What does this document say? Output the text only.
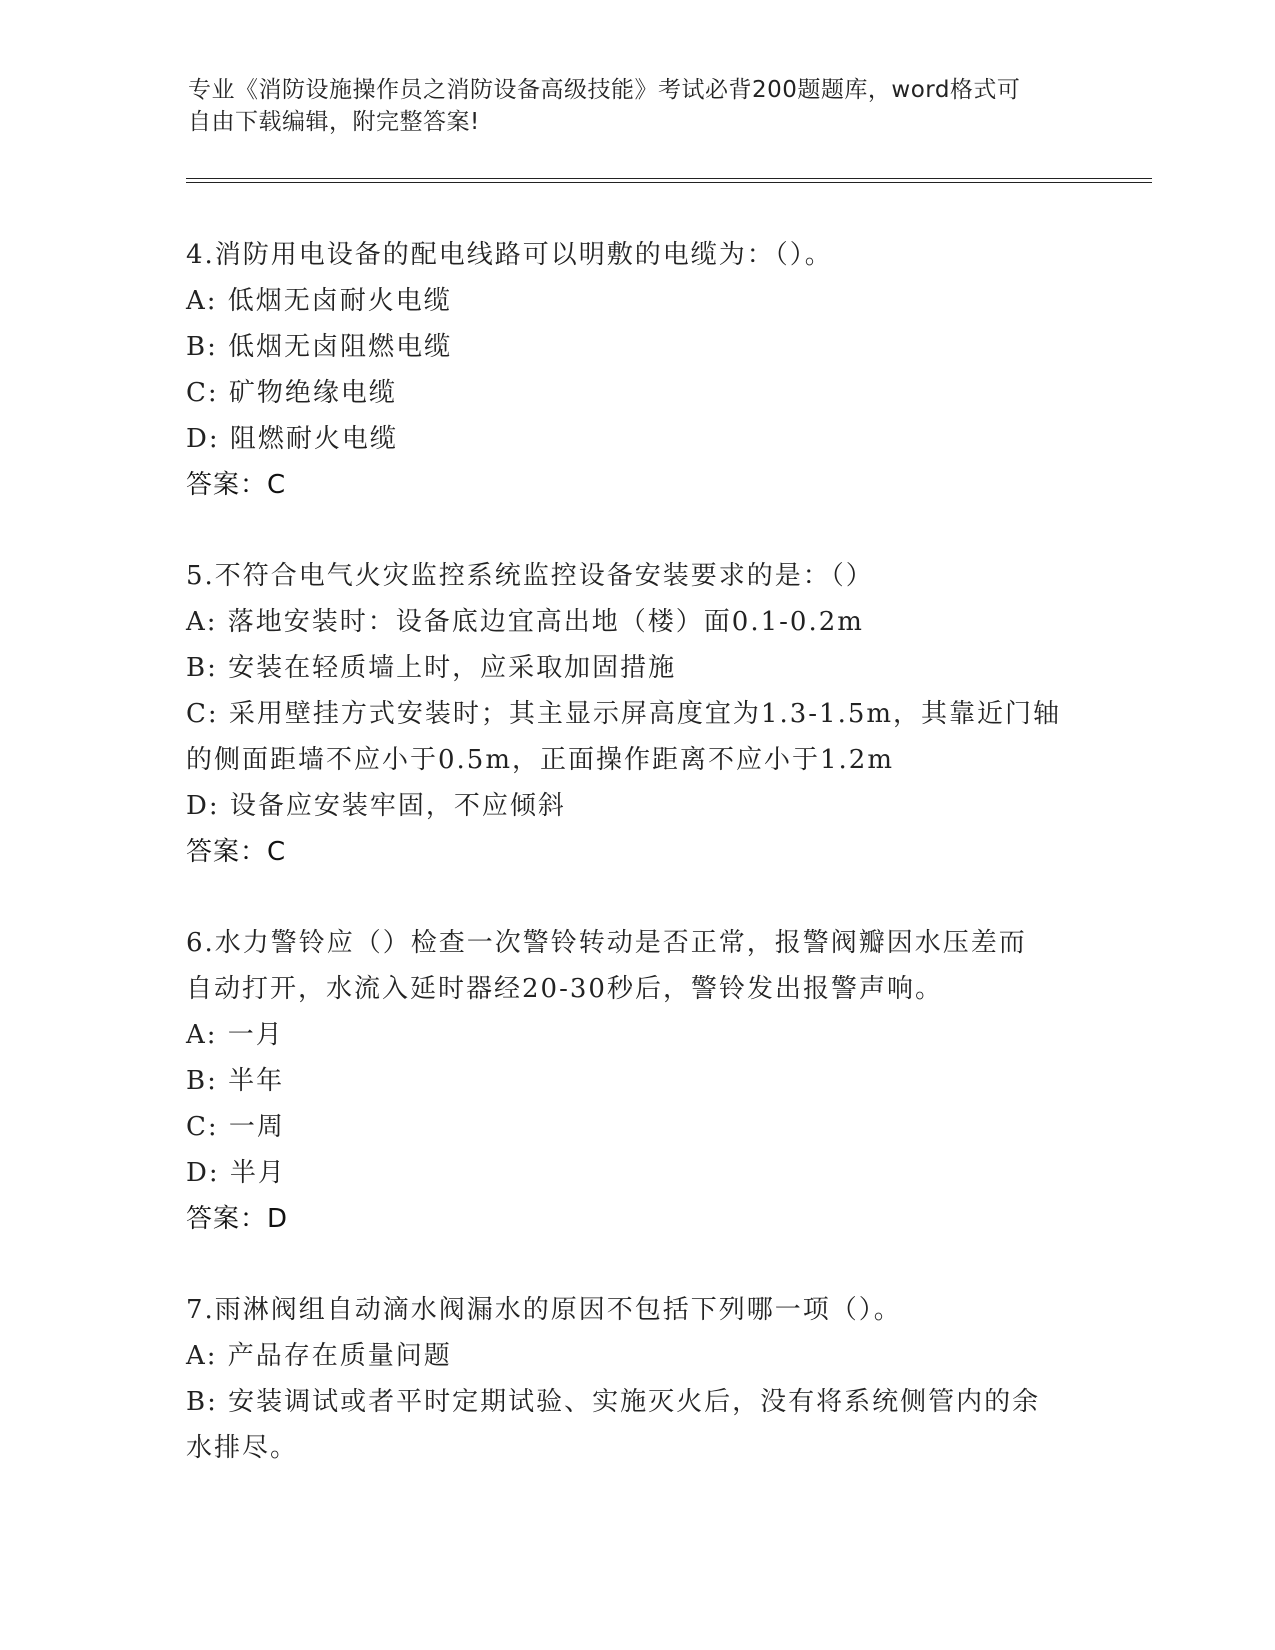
专业《消防设施操作员之消防设备高级技能》考试必背200题题库，word格式可
自由下载编辑，附完整答案!
4.消防用电设备的配电线路可以明敷的电缆为：（）。
A: 低烟无卤耐火电缆
B: 低烟无卤阻燃电缆
C: 矿物绝缘电缆
D: 阻燃耐火电缆
答案：C
5.不符合电气火灾监控系统监控设备安装要求的是：（）
A: 落地安装时：设备底边宜高出地（楼）面0.1-0.2m
B: 安装在轻质墙上时，应采取加固措施
C: 采用壁挂方式安装时；其主显示屏高度宜为1.3-1.5m，其靠近门轴
的侧面距墙不应小于0.5m，正面操作距离不应小于1.2m
D: 设备应安装牢固，不应倾斜
答案：C
6.水力警铃应（）检查一次警铃转动是否正常，报警阀瓣因水压差而
自动打开，水流入延时器经20-30秒后，警铃发出报警声响。
A: 一月
B: 半年
C: 一周
D: 半月
答案：D
7.雨淋阀组自动滴水阀漏水的原因不包括下列哪一项（）。
A: 产品存在质量问题
B: 安装调试或者平时定期试验、实施灭火后，没有将系统侧管内的余
水排尽。
